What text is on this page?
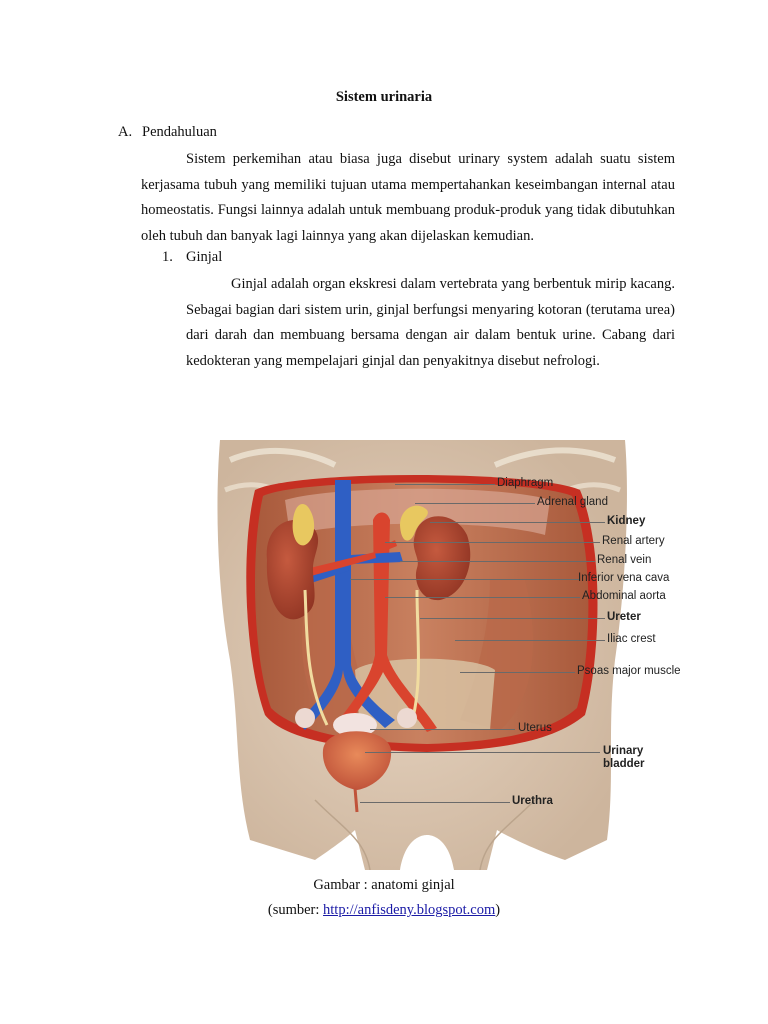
Sistem urinaria
A. Pendahuluan
Sistem perkemihan atau biasa juga disebut urinary system adalah suatu sistem kerjasama tubuh yang memiliki tujuan utama mempertahankan keseimbangan internal atau homeostatis. Fungsi lainnya adalah untuk membuang produk-produk yang tidak dibutuhkan oleh tubuh dan banyak lagi lainnya yang akan dijelaskan kemudian.
1. Ginjal
Ginjal adalah organ ekskresi dalam vertebrata yang berbentuk mirip kacang. Sebagai bagian dari sistem urin, ginjal berfungsi menyaring kotoran (terutama urea) dari darah dan membuang bersama dengan air dalam bentuk urine. Cabang dari kedokteran yang mempelajari ginjal dan penyakitnya disebut nefrologi.
Diaphragm
Adrenal gland
Kidney
Renal artery
Renal vein
Inferior vena cava
Abdominal aorta
Ureter
Iliac crest
Psoas major muscle
Uterus
Urinary bladder
Urethra
Gambar : anatomi ginjal
(sumber: http://anfisdeny.blogspot.com)
